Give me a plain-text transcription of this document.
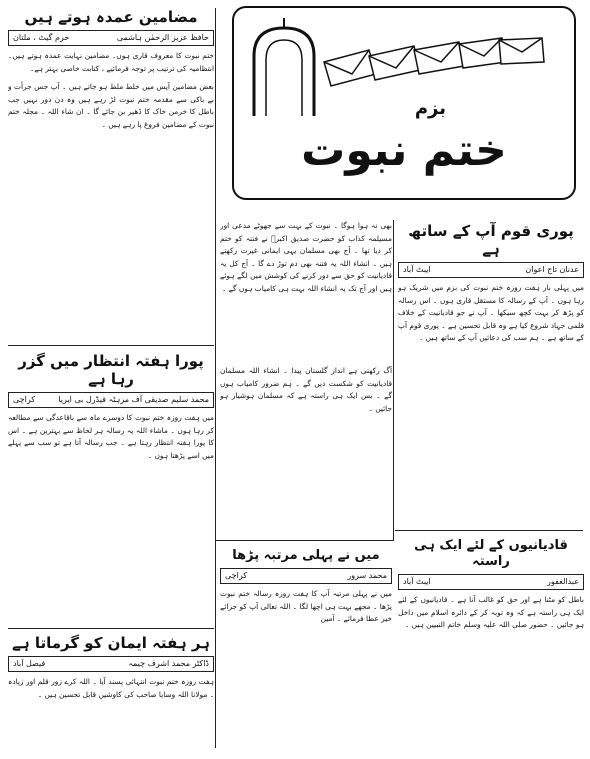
بزم
ختم نبوت
مضامین عمدہ ہوتے ہیں
حافظ عزیز الرحمٰن ہاشمی
حرم گیٹ ، ملتان

ختم نبوت کا معروف قاری ہوں۔ مضامین نہایت عمدہ ہوتے ہیں۔ انتظامیہ کی ترتیب پر توجہ فرمائیے ، کتابت خاصی بہتر ہے۔

بعض مضامین آپس میں خلط ملط ہو جاتے ہیں ۔ آپ جس جرأت و بے باکی سے مقدمہ ختم نبوت لڑ رہے ہیں وہ دن دور نہیں جب باطل کا خرمن خاک کا ڈھیر بن جائے گا ۔ ان شاء اللہ ۔ مجلہ ختم نبوت کے مضامین فروغ پا رہے ہیں ۔

بھی نہ ہوا ہوگا ۔ نبوت کے بہت سے جھوٹے مدعی اور مسیلمہ کذاب کو حضرت صدیق اکبرؓ نے فتنہ کو ختم کر دیا تھا ۔ آج بھی مسلمان یہی ایمانی غیرت رکھتے ہیں ۔ انشاء اللہ یہ فتنہ بھی دم توڑ دے گا ۔ آج کل یہ قادیانیت کو حق سے دور کرنے کی کوشش میں لگے ہوئے ہیں اور آج تک یہ انشاء اللہ بہت ہی کامیاب ہوں گے ۔
پوری قوم آپ کے ساتھ ہے
عدنان تاج اعوان
ایبٹ آباد
میں پہلی بار ہفت روزہ ختم نبوت کی بزم میں شریک ہو رہا ہوں ۔ آپ کے رسالہ کا مستقل قاری ہوں ۔ اس رسالہ کو پڑھ کر بہت کچھ سیکھا ۔ آپ نے جو قادیانیت کے خلاف قلمی جہاد شروع کیا ہے وہ قابل تحسین ہے ۔ پوری قوم آپ کے ساتھ ہے ۔ ہم سب کی دعائیں آپ کے ساتھ ہیں ۔
آگ رکھتی ہے انداز گلستان پیدا ۔ انشاء اللہ مسلمان قادیانیت کو شکست دیں گے ۔ ہم ضرور کامیاب ہوں گے ۔ بس ایک ہی راستہ ہے کہ مسلمان ہوشیار ہو جائیں ۔
پورا ہفتہ انتظار میں گزر رہا ہے
محمد سلیم صدیقی آف مرہٹہ فیڈرل بی ایریا
کراچی
میں ہفت روزہ ختم نبوت کا دوسرے ماہ سے باقاعدگی سے مطالعہ کر رہا ہوں ۔ ماشاء اللہ یہ رسالہ ہر لحاظ سے بہترین ہے ۔ اس کا پورا ہفتہ انتظار رہتا ہے ۔ جب رسالہ آتا ہے تو سب سے پہلے میں اسے پڑھتا ہوں ۔
ہر ہفتہ ایمان کو گرماتا ہے
ڈاکٹر محمد اشرف چیمہ
فیصل آباد
ہفت روزہ ختم نبوت انتہائی پسند آیا ۔ اللہ کرے زور قلم اور زیادہ ۔ مولانا اللہ وسایا صاحب کی کاوشیں قابل تحسین ہیں ۔
میں نے پہلی مرتبہ پڑھا
محمد سرور
کراچی
میں نے پہلی مرتبہ آپ کا ہفت روزہ رسالہ ختم نبوت پڑھا ۔ مجھے بہت ہی اچھا لگا ۔ اللہ تعالی آپ کو جزائے خیر عطا فرمائے ۔ آمین
قادیانیوں کے لئے ایک ہی راستہ
عبدالغفور
ایبٹ آباد
باطل کو مٹنا ہے اور حق کو غالب آنا ہے ۔ قادیانیوں کے لئے ایک ہی راستہ ہے کہ وہ توبہ کر کے دائرہ اسلام میں داخل ہو جائیں ۔ حضور صلی اللہ علیہ وسلم خاتم النبیین ہیں ۔
